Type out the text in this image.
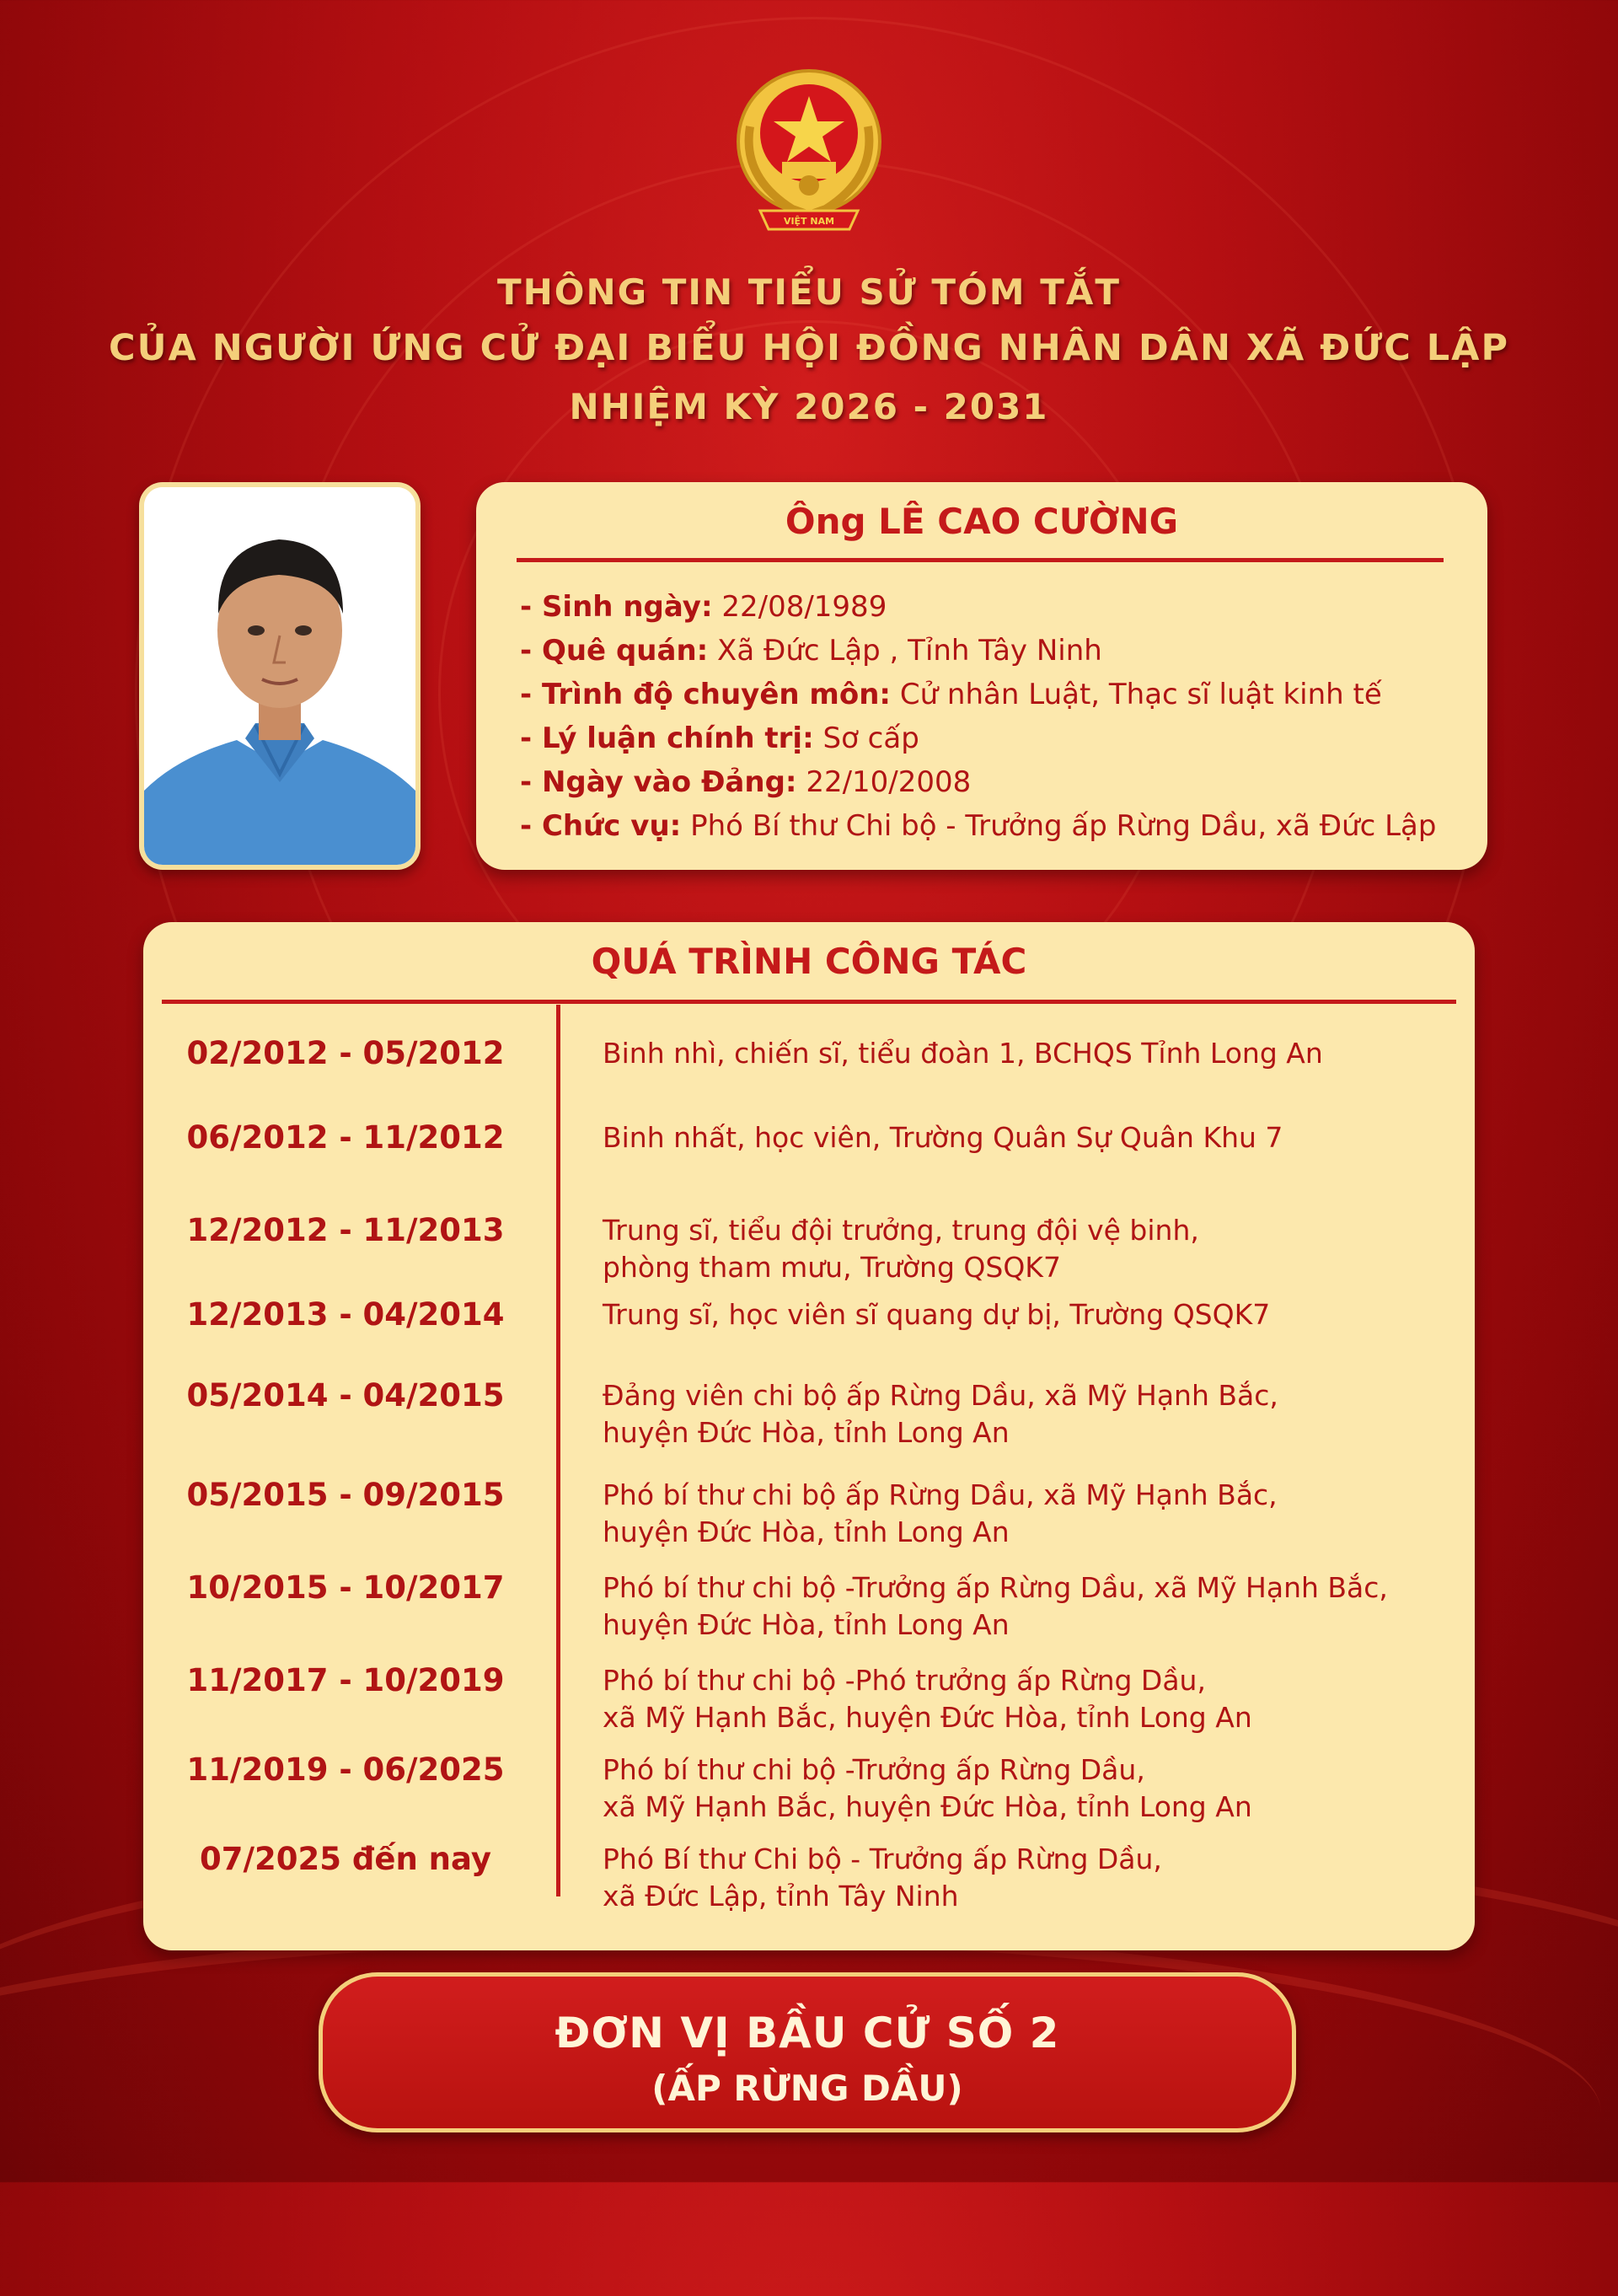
VIỆT NAM
THÔNG TIN TIỂU SỬ TÓM TẮT
CỦA NGƯỜI ỨNG CỬ ĐẠI BIỂU HỘI ĐỒNG NHÂN DÂN XÃ ĐỨC LẬP
NHIỆM KỲ 2026 - 2031
Ông LÊ CAO CƯỜNG
- Sinh ngày: 22/08/1989
- Quê quán: Xã Đức Lập , Tỉnh Tây Ninh
- Trình độ chuyên môn: Cử nhân Luật, Thạc sĩ luật kinh tế
- Lý luận chính trị: Sơ cấp
- Ngày vào Đảng: 22/10/2008
- Chức vụ: Phó Bí thư Chi bộ - Trưởng ấp Rừng Dầu, xã Đức Lập
QUÁ TRÌNH CÔNG TÁC
02/2012 - 05/2012	Binh nhì, chiến sĩ, tiểu đoàn 1, BCHQS Tỉnh Long An
06/2012 - 11/2012	Binh nhất, học viên, Trường Quân Sự Quân Khu 7
12/2012 - 11/2013	Trung sĩ, tiểu đội trưởng, trung đội vệ binh,
phòng tham mưu, Trường QSQK7
12/2013 - 04/2014	Trung sĩ, học viên sĩ quang dự bị, Trường QSQK7
05/2014 - 04/2015	Đảng viên chi bộ ấp Rừng Dầu, xã Mỹ Hạnh Bắc,
huyện Đức Hòa, tỉnh Long An
05/2015 - 09/2015	Phó bí thư chi bộ ấp Rừng Dầu, xã Mỹ Hạnh Bắc,
huyện Đức Hòa, tỉnh Long An
10/2015 - 10/2017	Phó bí thư chi bộ -Trưởng ấp Rừng Dầu, xã Mỹ Hạnh Bắc,
huyện Đức Hòa, tỉnh Long An
11/2017 - 10/2019	Phó bí thư chi bộ -Phó trưởng ấp Rừng Dầu,
xã Mỹ Hạnh Bắc, huyện Đức Hòa, tỉnh Long An
11/2019 - 06/2025	Phó bí thư chi bộ -Trưởng ấp Rừng Dầu,
xã Mỹ Hạnh Bắc, huyện Đức Hòa, tỉnh Long An
07/2025 đến nay	Phó Bí thư Chi bộ - Trưởng ấp Rừng Dầu,
xã Đức Lập, tỉnh Tây Ninh
ĐƠN VỊ BẦU CỬ SỐ 2
(ẤP RỪNG DẦU)
